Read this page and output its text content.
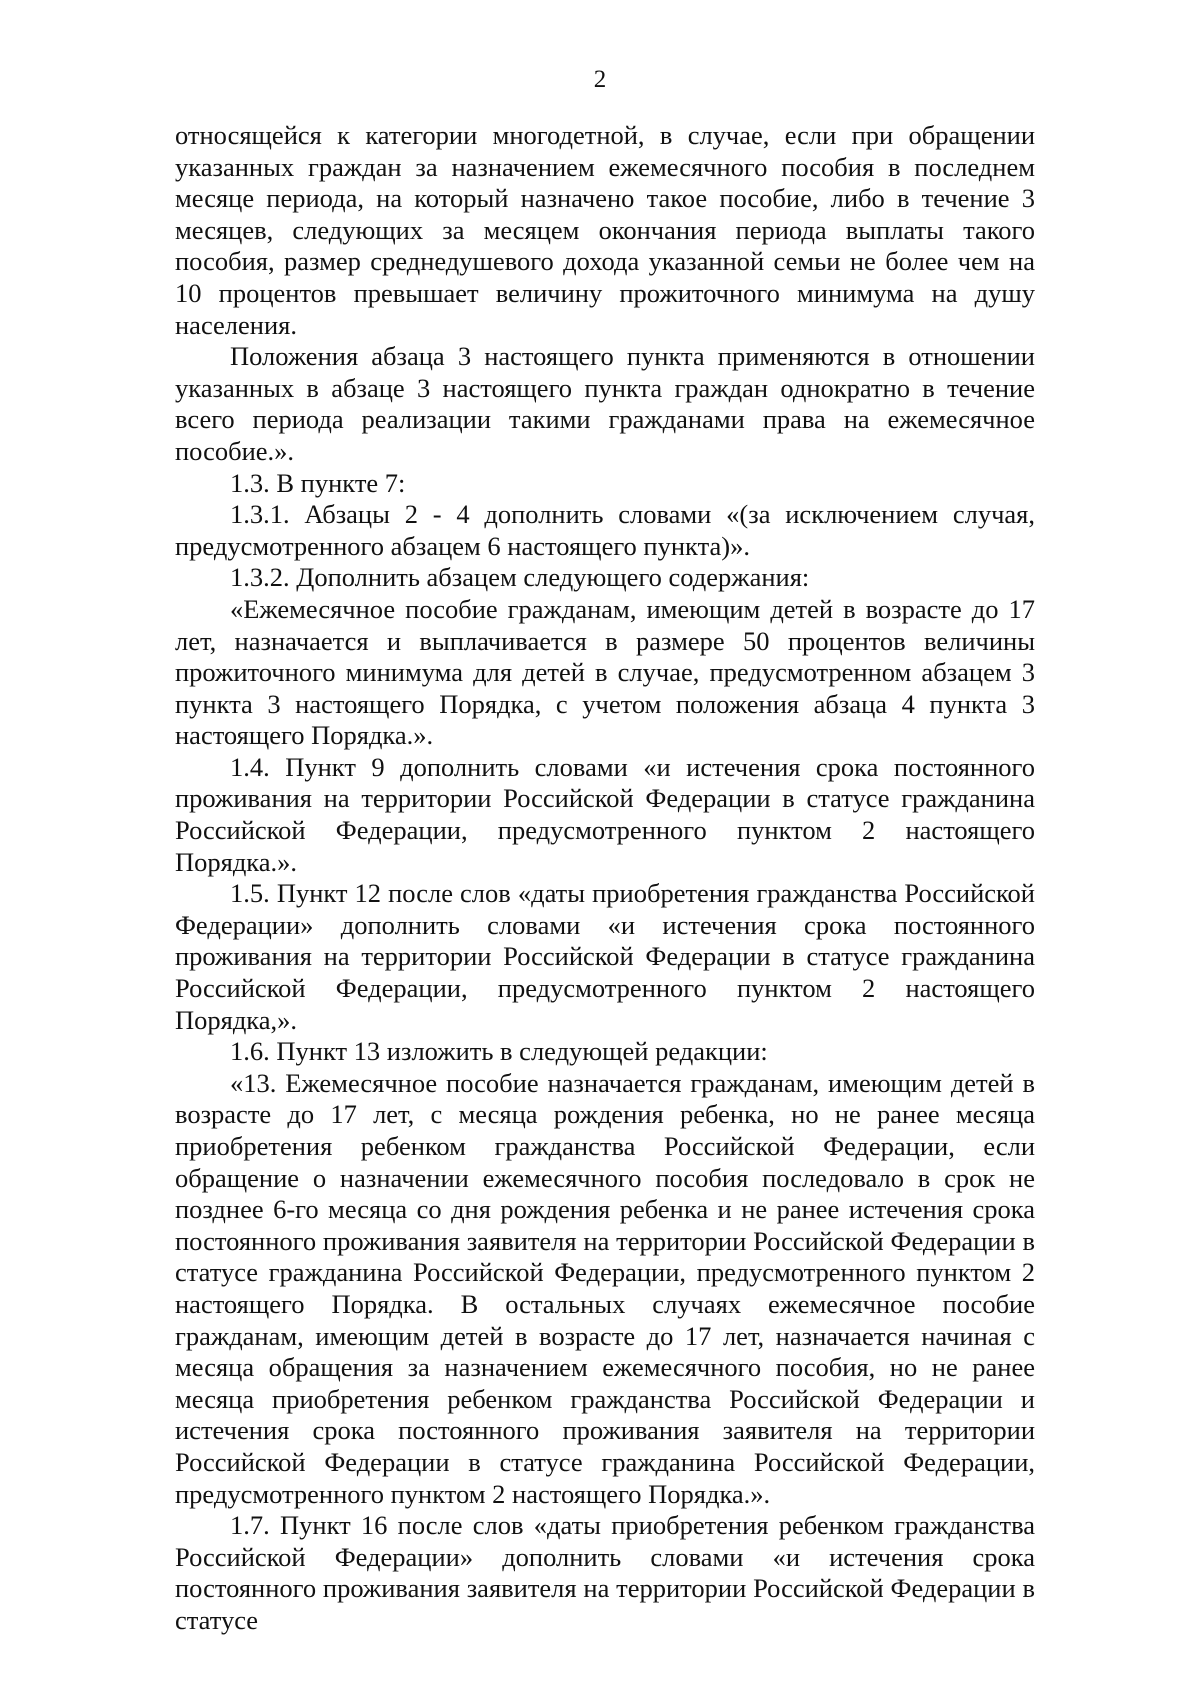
2

относящейся к категории многодетной, в случае, если при обращении указанных граждан за назначением ежемесячного пособия в последнем месяце периода, на который назначено такое пособие, либо в течение 3 месяцев, следующих за месяцем окончания периода выплаты такого пособия, размер среднедушевого дохода указанной семьи не более чем на 10 процентов превышает величину прожиточного минимума на душу населения.

Положения абзаца 3 настоящего пункта применяются в отношении указанных в абзаце 3 настоящего пункта граждан однократно в течение всего периода реализации такими гражданами права на ежемесячное пособие.».

1.3. В пункте 7:

1.3.1. Абзацы 2 - 4 дополнить словами «(за исключением случая, предусмотренного абзацем 6 настоящего пункта)».

1.3.2. Дополнить абзацем следующего содержания:

«Ежемесячное пособие гражданам, имеющим детей в возрасте до 17 лет, назначается и выплачивается в размере 50 процентов величины прожиточного минимума для детей в случае, предусмотренном абзацем 3 пункта 3 настоящего Порядка, с учетом положения абзаца 4 пункта 3 настоящего Порядка.».

1.4. Пункт 9 дополнить словами «и истечения срока постоянного проживания на территории Российской Федерации в статусе гражданина Российской Федерации, предусмотренного пунктом 2 настоящего Порядка.».

1.5. Пункт 12 после слов «даты приобретения гражданства Российской Федерации» дополнить словами «и истечения срока постоянного проживания на территории Российской Федерации в статусе гражданина Российской Федерации, предусмотренного пунктом 2 настоящего Порядка,».

1.6. Пункт 13 изложить в следующей редакции:

«13. Ежемесячное пособие назначается гражданам, имеющим детей в возрасте до 17 лет, с месяца рождения ребенка, но не ранее месяца приобретения ребенком гражданства Российской Федерации, если обращение о назначении ежемесячного пособия последовало в срок не позднее 6-го месяца со дня рождения ребенка и не ранее истечения срока постоянного проживания заявителя на территории Российской Федерации в статусе гражданина Российской Федерации, предусмотренного пунктом 2 настоящего Порядка. В остальных случаях ежемесячное пособие гражданам, имеющим детей в возрасте до 17 лет, назначается начиная с месяца обращения за назначением ежемесячного пособия, но не ранее месяца приобретения ребенком гражданства Российской Федерации и истечения срока постоянного проживания заявителя на территории Российской Федерации в статусе гражданина Российской Федерации, предусмотренного пунктом 2 настоящего Порядка.».

1.7. Пункт 16 после слов «даты приобретения ребенком гражданства Российской Федерации» дополнить словами «и истечения срока постоянного проживания заявителя на территории Российской Федерации в статусе
